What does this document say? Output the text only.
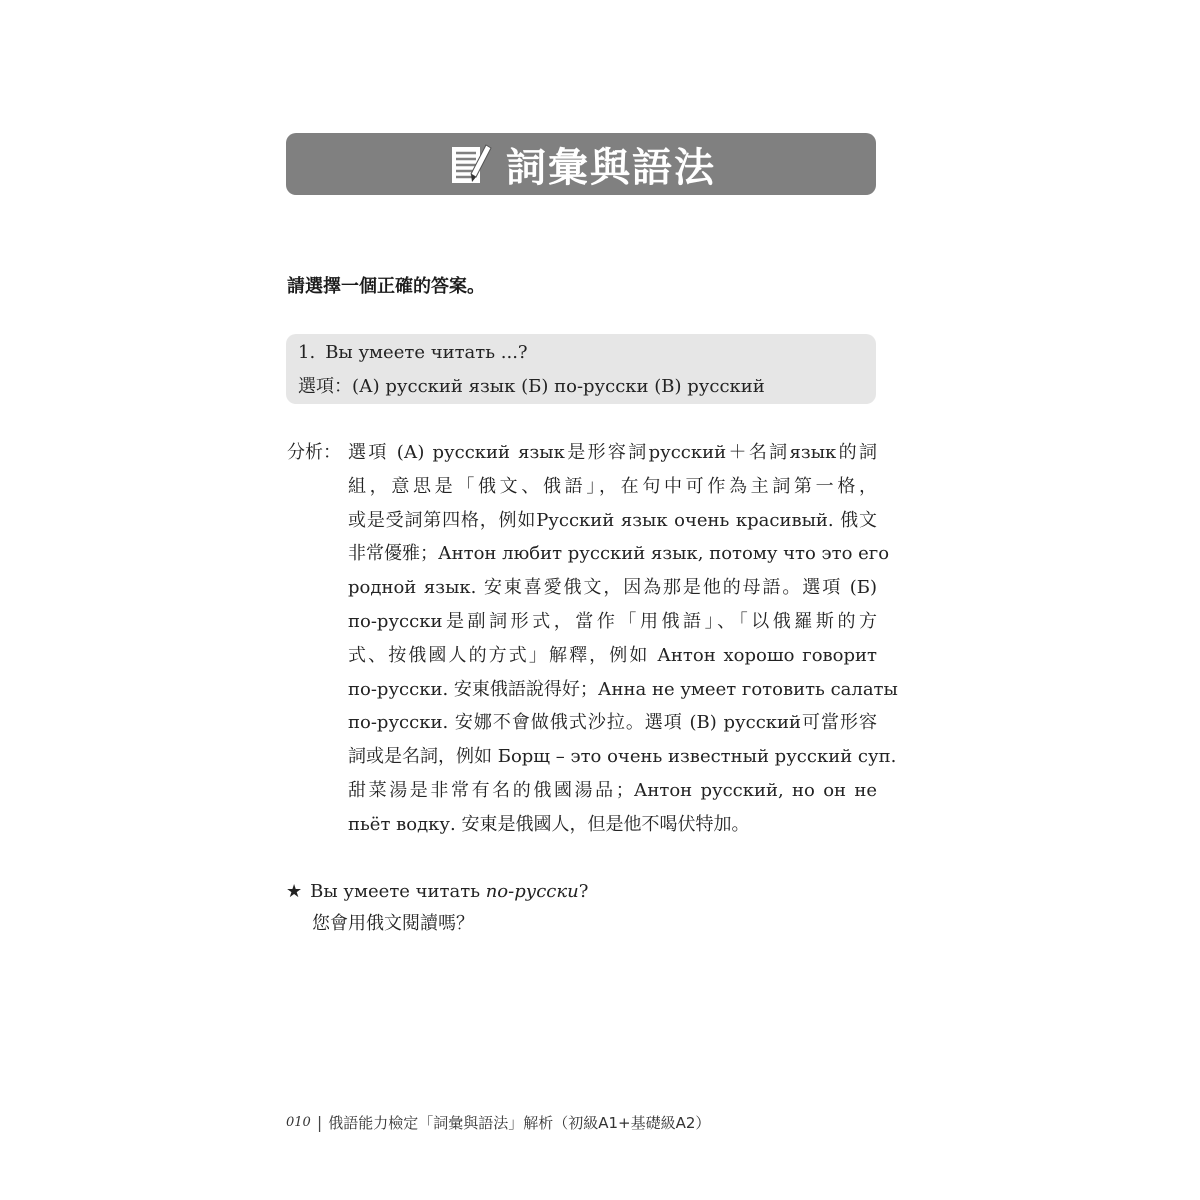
詞彙與語法
請選擇一個正確的答案。
1. Вы умеете читать ...?
選項：(А) русский язык (Б) по-русски (В) русский
分析： 選項 (А) русский язык是形容詞русский＋名詞язык的詞
組，意思是「俄文、俄語」，在句中可作為主詞第一格，
或是受詞第四格，例如Русский язык очень красивый. 俄文
非常優雅；Антон любит русский язык, потому что это его
родной язык. 安東喜愛俄文，因為那是他的母語。選項 (Б)
по-русски是副詞形式，當作「用俄語」、「以俄羅斯的方
式、按俄國人的方式」解釋，例如 Антон хорошо говорит
по-русски. 安東俄語說得好；Анна не умеет готовить салаты
по-русски. 安娜不會做俄式沙拉。選項 (В) русский可當形容
詞或是名詞，例如 Борщ – это очень известный русский суп.
甜菜湯是非常有名的俄國湯品；Антон русский, но он не
пьёт водку. 安東是俄國人，但是他不喝伏特加。
★ Вы умеете читать по-русски?
您會用俄文閱讀嗎？
010 | 俄語能力檢定「詞彙與語法」解析（初級A1+基礎級A2）
